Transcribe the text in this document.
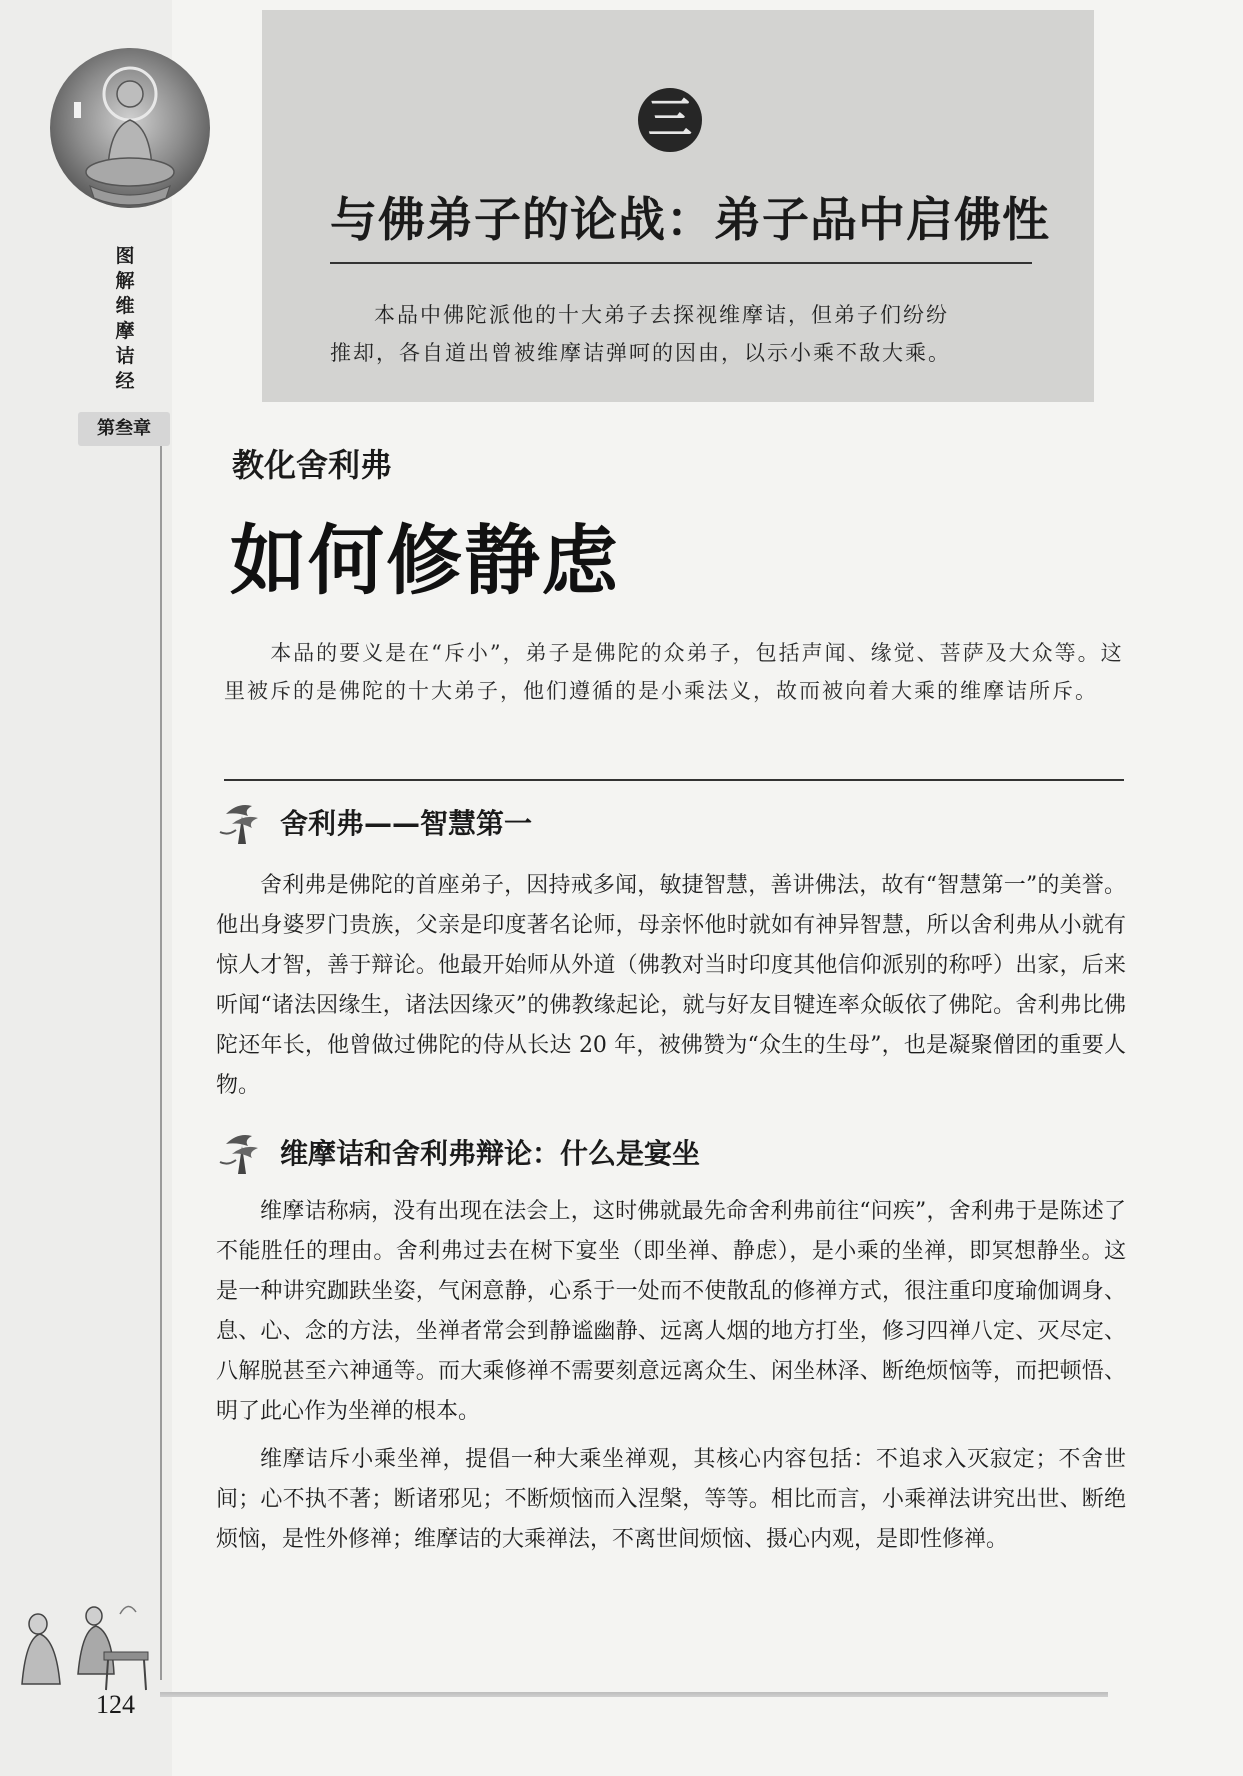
图
解
维
摩
诘
经
第叁章
三
与佛弟子的论战：弟子品中启佛性

本品中佛陀派他的十大弟子去探视维摩诘，但弟子们纷纷

推却，各自道出曾被维摩诘弹呵的因由，以示小乘不敌大乘。

教化舍利弗
如何修静虑

本品的要义是在“斥小”，弟子是佛陀的众弟子，包括声闻、缘觉、菩萨及大众等。这里被斥的是佛陀的十大弟子，他们遵循的是小乘法义，故而被向着大乘的维摩诘所斥。

舍利弗——智慧第一

舍利弗是佛陀的首座弟子，因持戒多闻，敏捷智慧，善讲佛法，故有“智慧第一”的美誉。他出身婆罗门贵族，父亲是印度著名论师，母亲怀他时就如有神异智慧，所以舍利弗从小就有惊人才智，善于辩论。他最开始师从外道（佛教对当时印度其他信仰派别的称呼）出家，后来听闻“诸法因缘生，诸法因缘灭”的佛教缘起论，就与好友目犍连率众皈依了佛陀。舍利弗比佛陀还年长，他曾做过佛陀的侍从长达 20 年，被佛赞为“众生的生母”，也是凝聚僧团的重要人物。

维摩诘和舍利弗辩论：什么是宴坐

维摩诘称病，没有出现在法会上，这时佛就最先命舍利弗前往“问疾”，舍利弗于是陈述了不能胜任的理由。舍利弗过去在树下宴坐（即坐禅、静虑），是小乘的坐禅，即冥想静坐。这是一种讲究跏趺坐姿，气闲意静，心系于一处而不使散乱的修禅方式，很注重印度瑜伽调身、息、心、念的方法，坐禅者常会到静谧幽静、远离人烟的地方打坐，修习四禅八定、灭尽定、八解脱甚至六神通等。而大乘修禅不需要刻意远离众生、闲坐林泽、断绝烦恼等，而把顿悟、明了此心作为坐禅的根本。

维摩诘斥小乘坐禅，提倡一种大乘坐禅观，其核心内容包括：不追求入灭寂定；不舍世间；心不执不著；断诸邪见；不断烦恼而入涅槃，等等。相比而言，小乘禅法讲究出世、断绝烦恼，是性外修禅；维摩诘的大乘禅法，不离世间烦恼、摄心内观，是即性修禅。

124
